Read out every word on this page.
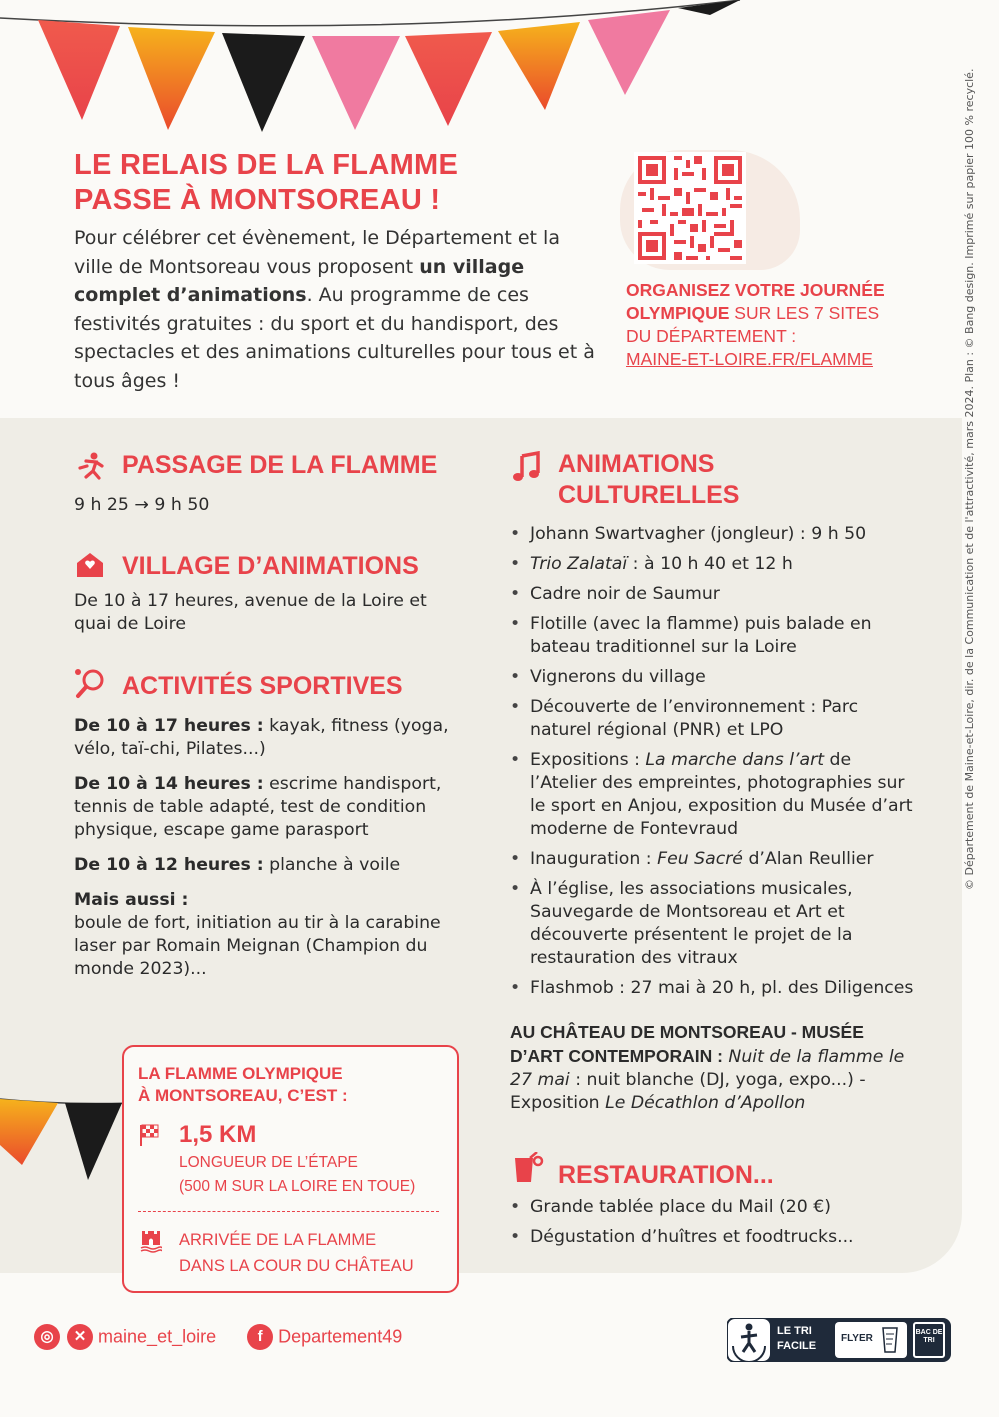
LE RELAIS DE LA FLAMME
PASSE À MONTSOREAU !
Pour célébrer cet évènement, le Département et la ville de Montsoreau vous proposent un village complet d’animations. Au programme de ces festivités gratuites : du sport et du handisport, des spectacles et des animations culturelles pour tous et à tous âges !
ORGANISEZ VOTRE JOURNÉE
OLYMPIQUE SUR LES 7 SITES
DU DÉPARTEMENT :
MAINE-ET-LOIRE.FR/FLAMME
PASSAGE DE LA FLAMME
9 h 25 → 9 h 50
VILLAGE D’ANIMATIONS
De 10 à 17 heures, avenue de la Loire et quai de Loire
ACTIVITÉS SPORTIVES
De 10 à 17 heures : kayak, fitness (yoga, vélo, taï-chi, Pilates...)
De 10 à 14 heures : escrime handisport, tennis de table adapté, test de condition physique, escape game parasport
De 10 à 12 heures : planche à voile
Mais aussi :
boule de fort, initiation au tir à la carabine laser par Romain Meignan (Champion du monde 2023)...
LA FLAMME OLYMPIQUE
À MONTSOREAU, C’EST :
1,5 KM
LONGUEUR DE L’ÉTAPE
(500 M SUR LA LOIRE EN TOUE)
ARRIVÉE DE LA FLAMME
DANS LA COUR DU CHÂTEAU
ANIMATIONS
CULTURELLES
• Johann Swartvagher (jongleur) : 9 h 50
• Trio Zalataï : à 10 h 40 et 12 h
• Cadre noir de Saumur
• Flotille (avec la flamme) puis balade en bateau traditionnel sur la Loire
• Vignerons du village
• Découverte de l’environnement : Parc naturel régional (PNR) et LPO
• Expositions : La marche dans l’art de l’Atelier des empreintes, photographies sur le sport en Anjou, exposition du Musée d’art moderne de Fontevraud
• Inauguration : Feu Sacré d’Alan Reullier
• À l’église, les associations musicales, Sauvegarde de Montsoreau et Art et découverte présentent le projet de la restauration des vitraux
• Flashmob : 27 mai à 20 h, pl. des Diligences
AU CHÂTEAU DE MONTSOREAU - MUSÉE D’ART CONTEMPORAIN : Nuit de la flamme le 27 mai : nuit blanche (DJ, yoga, expo...) - Exposition Le Décathlon d’Apollon
RESTAURATION...
• Grande tablée place du Mail (20 €)
• Dégustation d’huîtres et foodtrucks...
© Département de Maine-et-Loire, dir. de la Communication et de l'attractivité, mars 2024. Plan : © Bang design. Imprimé sur papier 100 % recyclé.
◎ ✕ maine_et_loire	f Departement49	LE TRI
FACILE
FLYER
BAC DE TRI
